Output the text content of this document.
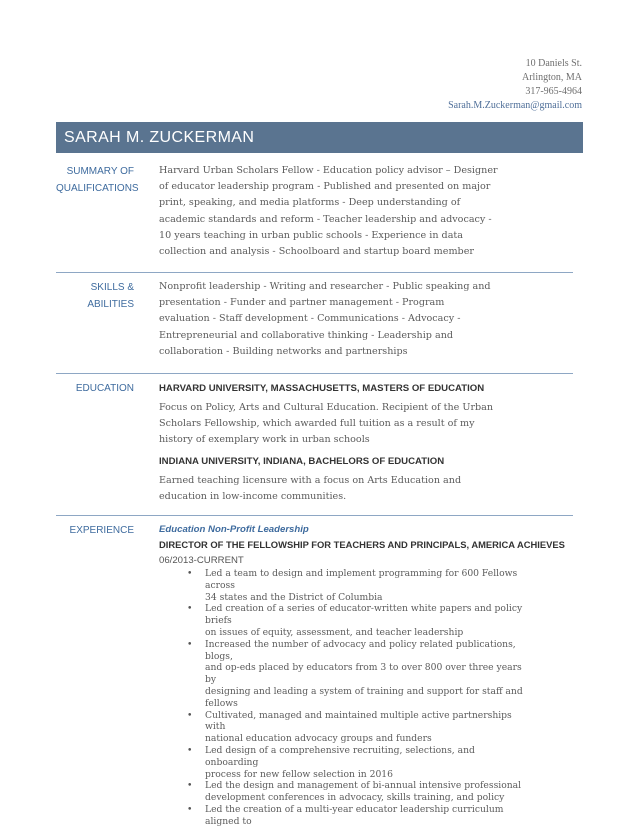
10 Daniels St.
Arlington, MA
317-965-4964
Sarah.M.Zuckerman@gmail.com
SARAH M. ZUCKERMAN
SUMMARY OF
QUALIFICATIONS
Harvard Urban Scholars Fellow - Education policy advisor – Designer
of educator leadership program - Published and presented on major
print, speaking, and media platforms - Deep understanding of
academic standards and reform - Teacher leadership and advocacy -
10 years teaching in urban public schools - Experience in data
collection and analysis - Schoolboard and startup board member
SKILLS &
ABILITIES
Nonprofit leadership - Writing and researcher - Public speaking and
presentation - Funder and partner management - Program
evaluation - Staff development - Communications - Advocacy -
Entrepreneurial and collaborative thinking - Leadership and
collaboration - Building networks and partnerships
EDUCATION	HARVARD UNIVERSITY, MASSACHUSETTS, MASTERS OF EDUCATION
Focus on Policy, Arts and Cultural Education. Recipient of the Urban
Scholars Fellowship, which awarded full tuition as a result of my
history of exemplary work in urban schools
INDIANA UNIVERSITY, INDIANA, BACHELORS OF EDUCATION
Earned teaching licensure with a focus on Arts Education and
education in low-income communities.
EXPERIENCE	Education Non-Profit Leadership
DIRECTOR OF THE FELLOWSHIP FOR TEACHERS AND PRINCIPALS, AMERICA ACHIEVES
06/2013-CURRENT
• Led a team to design and implement programming for 600 Fellows across
34 states and the District of Columbia
• Led creation of a series of educator-written white papers and policy briefs
on issues of equity, assessment, and teacher leadership
• Increased the number of advocacy and policy related publications, blogs,
and op-eds placed by educators from 3 to over 800 over three years by
designing and leading a system of training and support for staff and
fellows
• Cultivated, managed and maintained multiple active partnerships with
national education advocacy groups and funders
• Led design of a comprehensive recruiting, selections, and onboarding
process for new fellow selection in 2016
• Led the design and management of bi-annual intensive professional
development conferences in advocacy, skills training, and policy
• Led the creation of a multi-year educator leadership curriculum aligned to
